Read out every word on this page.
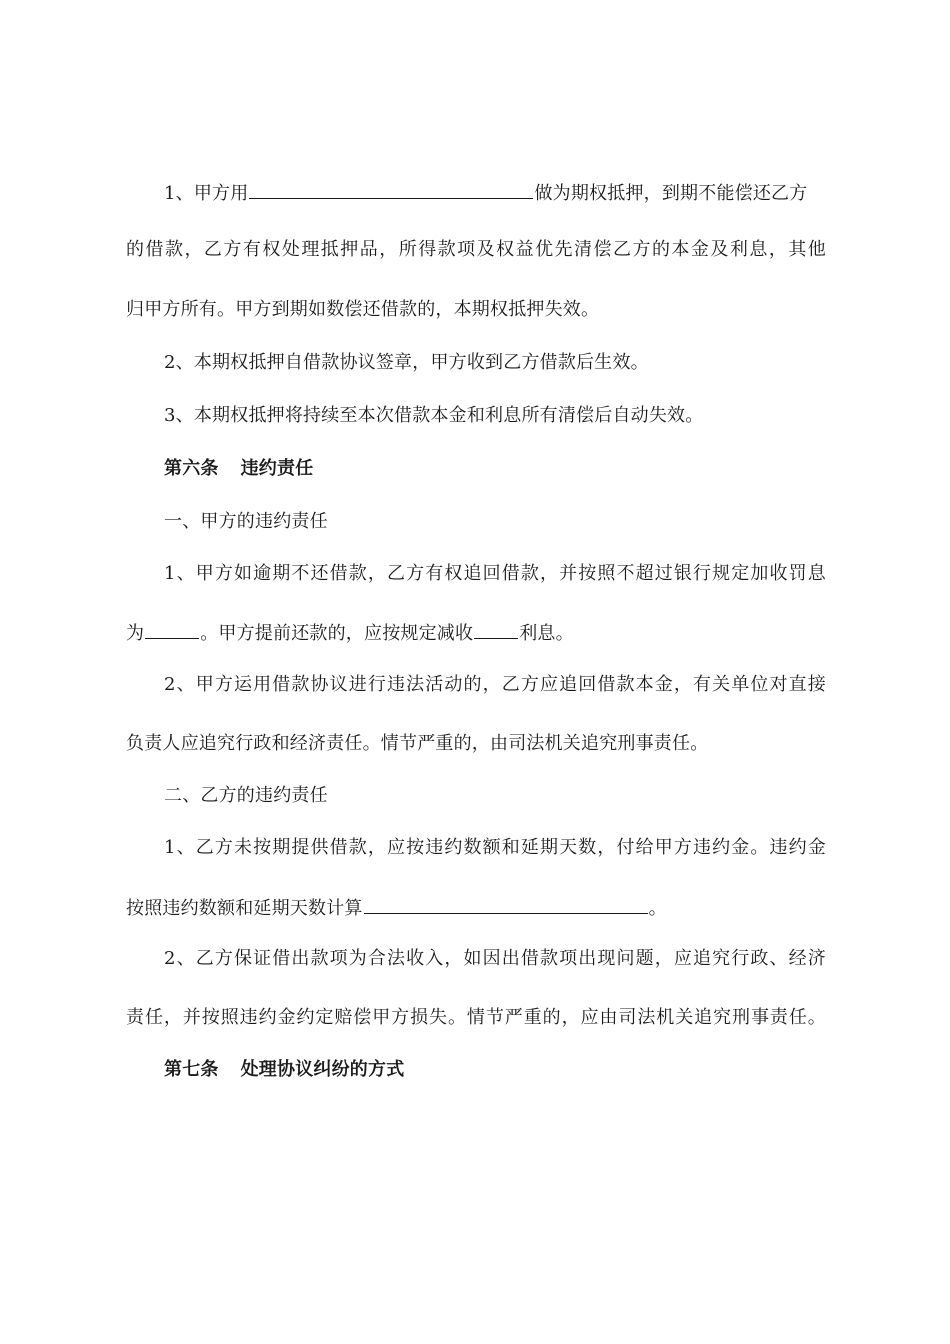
1、甲方用	做为期权抵押，到期不能偿还乙方
的借款，乙方有权处理抵押品，所得款项及权益优先清偿乙方的本金及利息，其他
归甲方所有。甲方到期如数偿还借款的，本期权抵押失效。
2、本期权抵押自借款协议签章，甲方收到乙方借款后生效。
3、本期权抵押将持续至本次借款本金和利息所有清偿后自动失效。
第六条 违约责任
一、甲方的违约责任
1、甲方如逾期不还借款，乙方有权追回借款，并按照不超过银行规定加收罚息
为	。甲方提前还款的，应按规定减收	利息。
2、甲方运用借款协议进行违法活动的，乙方应追回借款本金，有关单位对直接
负责人应追究行政和经济责任。情节严重的，由司法机关追究刑事责任。
二、乙方的违约责任
1、乙方未按期提供借款，应按违约数额和延期天数，付给甲方违约金。违约金
按照违约数额和延期天数计算	。
2、乙方保证借出款项为合法收入，如因出借款项出现问题，应追究行政、经济
责任，并按照违约金约定赔偿甲方损失。情节严重的，应由司法机关追究刑事责任。
第七条 处理协议纠纷的方式
